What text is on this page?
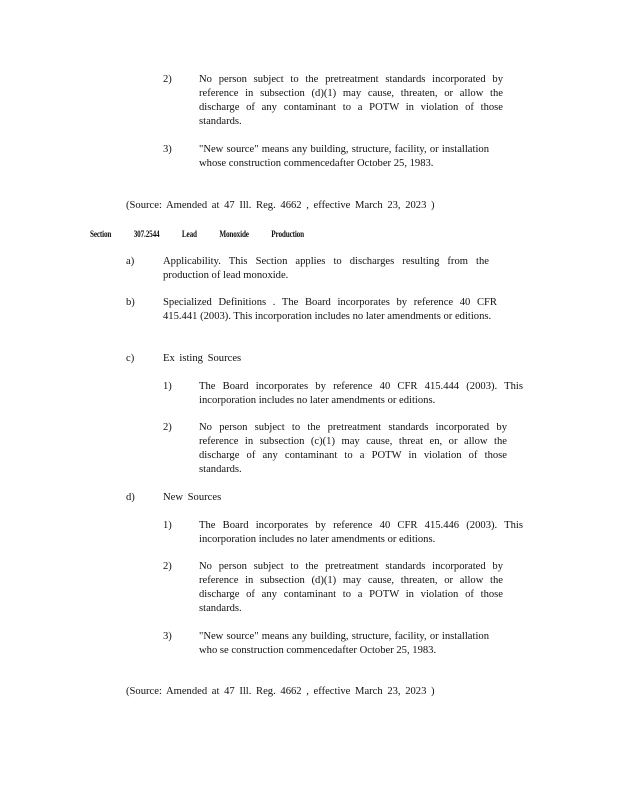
2)	No person subject to the pretreatment standards incorporated by reference in subsection (d)(1) may cause, threaten, or allow the discharge of any contaminant to a POTW in violation of those standards.
3)	"New source" means any building, structure, facility, or installation whose construction commencedafter October 25, 1983.
(Source: Amended at 47 Ill. Reg. 4662 , effective March 23, 2023 )
Section 307.2544 Lead Monoxide Production
a)	Applicability. This Section applies to discharges resulting from the production of lead monoxide.
b)	Specialized Definitions . The Board incorporates by reference 40 CFR 415.441 (2003). This incorporation includes no later amendments or editions.
c)	Ex isting Sources
1)	The Board incorporates by reference 40 CFR 415.444 (2003). This incorporation includes no later amendments or editions.
2)	No person subject to the pretreatment standards incorporated by reference in subsection (c)(1) may cause, threat en, or allow the discharge of any contaminant to a POTW in violation of those standards.
d)	New Sources
1)	The Board incorporates by reference 40 CFR 415.446 (2003). This incorporation includes no later amendments or editions.
2)	No person subject to the pretreatment standards incorporated by reference in subsection (d)(1) may cause, threaten, or allow the discharge of any contaminant to a POTW in violation of those standards.
3)	"New source" means any building, structure, facility, or installation who se construction commencedafter October 25, 1983.
(Source: Amended at 47 Ill. Reg. 4662 , effective March 23, 2023 )
